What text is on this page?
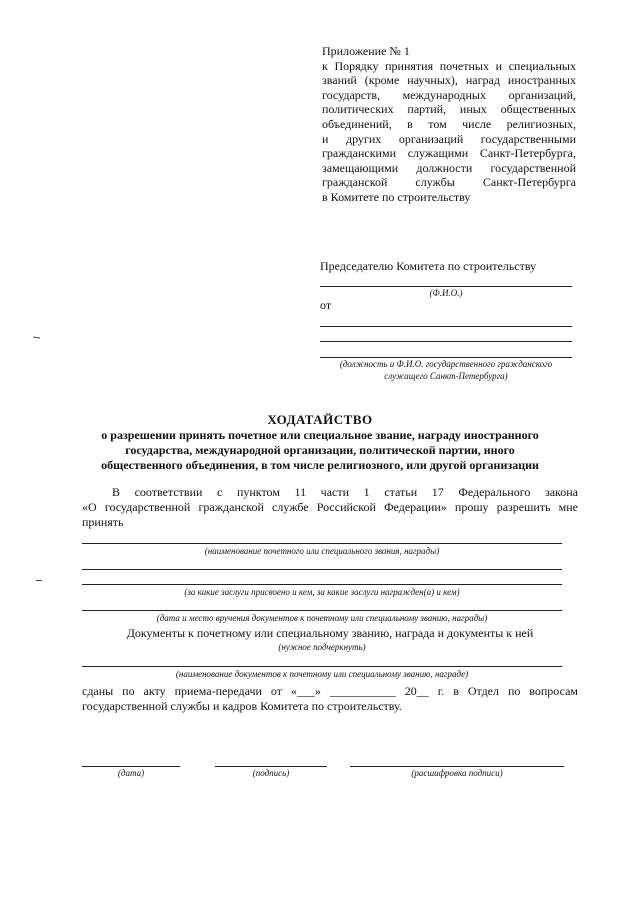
Приложение № 1
к Порядку принятия почетных и специальных
званий (кроме научных), наград иностранных
государств, международных организаций,
политических партий, иных общественных
объединений, в том числе религиозных,
и других организаций государственными
гражданскими служащими Санкт-Петербурга,
замещающими должности государственной
гражданской службы Санкт-Петербурга
в Комитете по строительству
Председателю Комитета по строительству
(Ф.И.О.)
от
(должность и Ф.И.О. государственного гражданского
служащего Санкт-Петербурга)
ХОДАТАЙСТВО
о разрешении принять почетное или специальное звание, награду иностранного
государства, международной организации, политической партии, иного
общественного объединения, в том числе религиозного, или другой организации
В соответствии с пунктом 11 части 1 статьи 17 Федерального закона
«О государственной гражданской службе Российской Федерации» прошу разрешить мне
принять
(наименование почетного или специального звания, награды)
(за какие заслуги присвоено и кем, за какие заслуги награжден(а) и кем)
(дата и место вручения документов к почетному или специальному званию, награды)
Документы к почетному или специальному званию, награда и документы к ней
(нужное подчеркнуть)
(наименование документов к почетному или специальному званию, награде)
сданы по акту приема-передачи от «___» ___________ 20__ г. в Отдел по вопросам
государственной службы и кадров Комитета по строительству.
(дата)	(подпись)	(расшифровка подписи)
